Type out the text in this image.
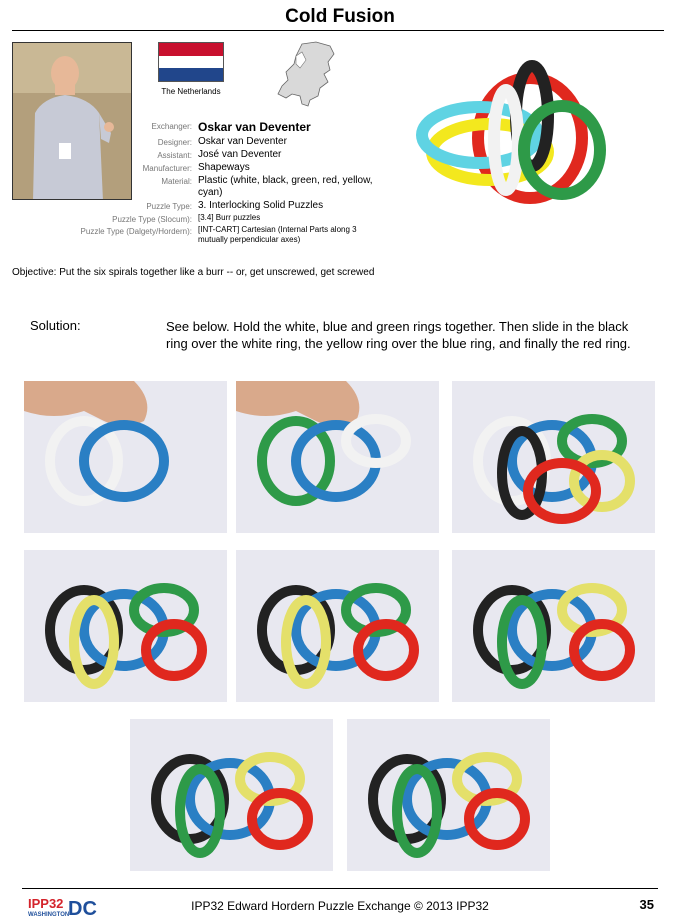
Cold Fusion
The Netherlands
Exchanger: Oskar van Deventer
Designer: Oskar van Deventer
Assistant: José van Deventer
Manufacturer: Shapeways
Material: Plastic (white, black, green, red, yellow, cyan)
Puzzle Type: 3. Interlocking Solid Puzzles
Puzzle Type (Slocum): [3.4] Burr puzzles
Puzzle Type (Dalgety/Hordern): [INT-CART] Cartesian (Internal Parts along 3 mutually perpendicular axes)
Objective: Put the six spirals together like a burr -- or, get unscrewed, get screwed
Solution:	See below. Hold the white, blue and green rings together. Then slide in the black ring over the white ring, the yellow ring over the blue ring, and finally the red ring.
IPP32
WASHINGTON
DC	IPP32 Edward Hordern Puzzle Exchange © 2013 IPP32	35
